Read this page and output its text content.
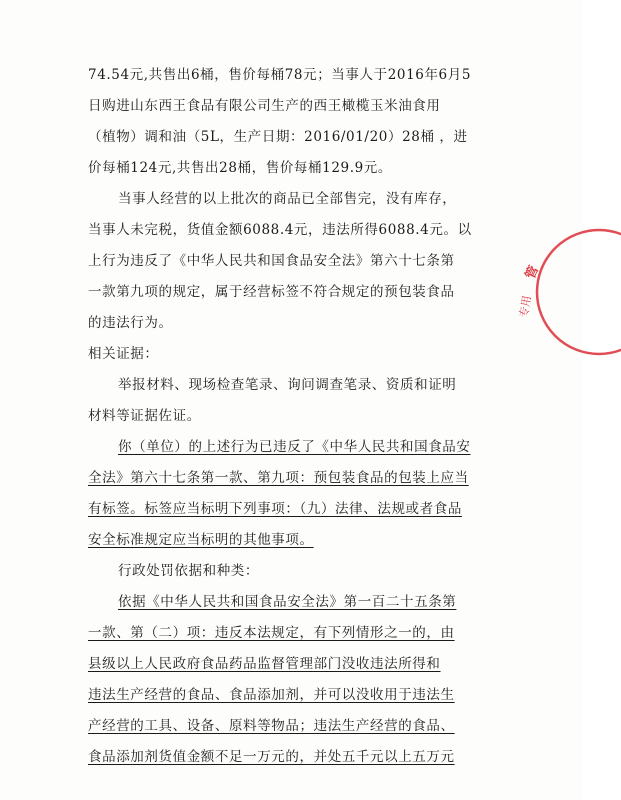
74.54元,共售出6桶，售价每桶78元；当事人于2016年6月5
日购进山东西王食品有限公司生产的西王橄榄玉米油食用
（植物）调和油（5L，生产日期：2016/01/20）28桶 ，进
价每桶124元,共售出28桶，售价每桶129.9元。
当事人经营的以上批次的商品已全部售完，没有库存，
当事人未完税，货值金额6088.4元，违法所得6088.4元。以
上行为违反了《中华人民共和国食品安全法》第六十七条第
一款第九项的规定，属于经营标签不符合规定的预包装食品
的违法行为。
相关证据：
举报材料、现场检查笔录、询问调查笔录、资质和证明
材料等证据佐证。
你（单位）的上述行为已违反了《中华人民共和国食品安
全法》第六十七条第一款、第九项：预包装食品的包装上应当
有标签。标签应当标明下列事项：（九）法律、法规或者食品
安全标准规定应当标明的其他事项。
行政处罚依据和种类：
依据《中华人民共和国食品安全法》第一百二十五条第
一款、第（二）项：违反本法规定，有下列情形之一的，由
县级以上人民政府食品药品监督管理部门没收违法所得和
违法生产经营的食品、食品添加剂，并可以没收用于违法生
产经营的工具、设备、原料等物品；违法生产经营的食品、
食品添加剂货值金额不足一万元的，并处五千元以上五万元
管
专用
